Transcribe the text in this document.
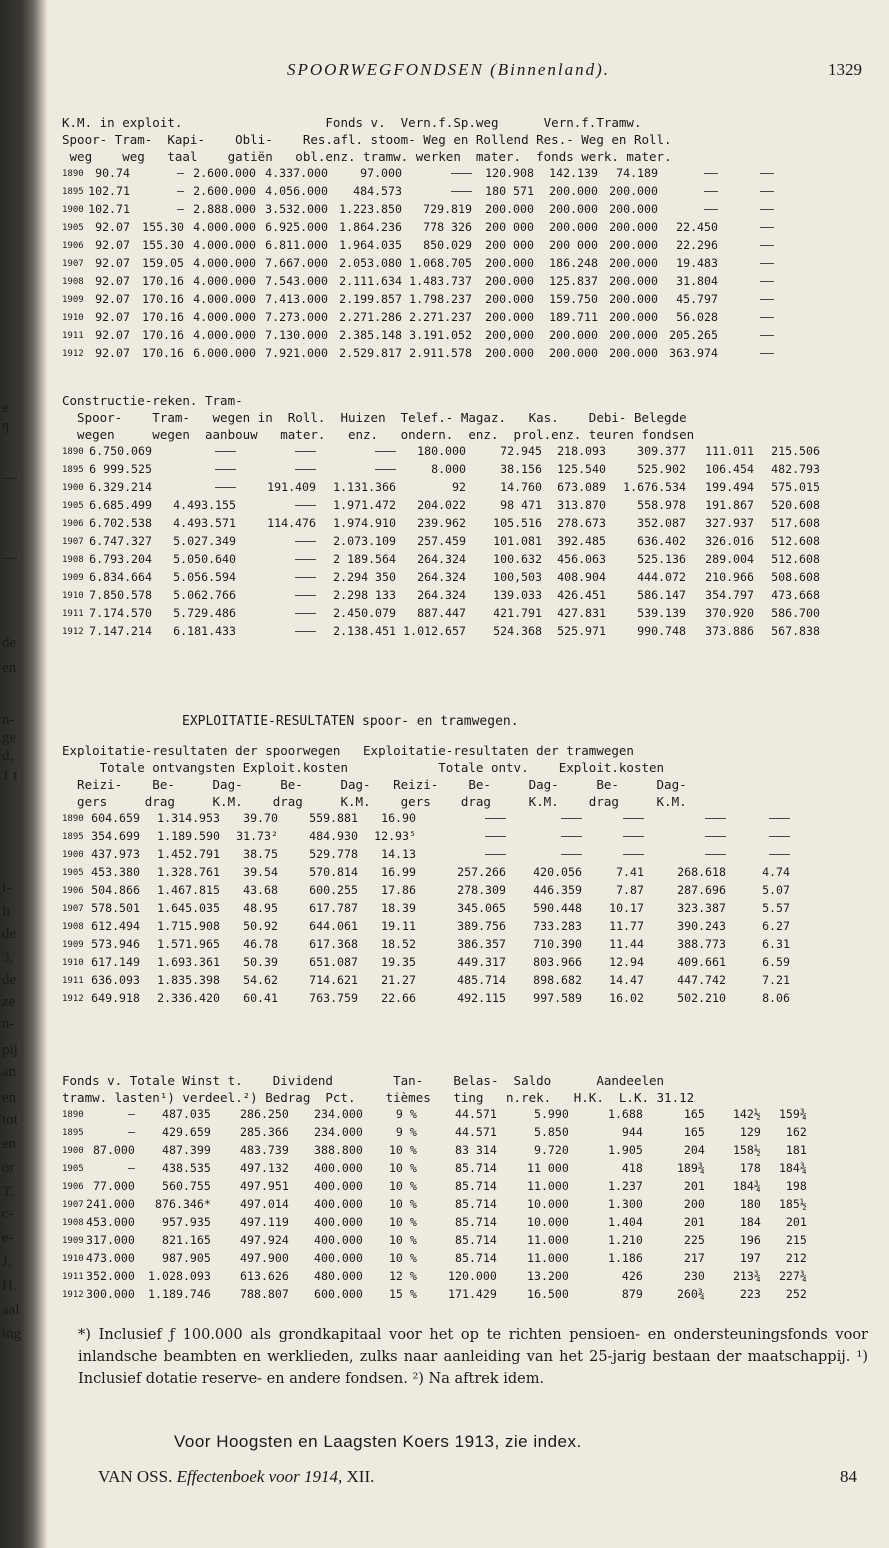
e
ŋ
—
—
de
en
n-
ge
d,
1 t
i-
li
de
3,
de
ze
n-
pij
an
en
tot
en
or
T.
c-
e-
J.
H.
aal
ing
SPOORWEGFONDSEN (Binnenland).	1329
K.M. in exploit.                   Fonds v.  Vern.f.Sp.weg      Vern.f.Tramw.
Spoor- Tram-  Kapi-    Obli-    Res.afl. stoom- Weg en Rollend Res.- Weg en Roll.
weg    weg   taal    gatiën   obl.enz. tramw. werken  mater.  fonds werk. mater.
1890	90.74	—	2.600.000	4.337.000	97.000	———	120.908	142.139	74.189	——	——
1895	102.71	—	2.600.000	4.056.000	484.573	———	180 571	200.000	200.000	——	——
1900	102.71	—	2.888.000	3.532.000	1.223.850	729.819	200.000	200.000	200.000	——	——
1905	92.07	155.30	4.000.000	6.925.000	1.864.236	778 326	200 000	200.000	200.000	22.450	——
1906	92.07	155.30	4.000.000	6.811.000	1.964.035	850.029	200 000	200 000	200.000	22.296	——
1907	92.07	159.05	4.000.000	7.667.000	2.053.080	1.068.705	200.000	186.248	200.000	19.483	——
1908	92.07	170.16	4.000.000	7.543.000	2.111.634	1.483.737	200.000	125.837	200.000	31.804	——
1909	92.07	170.16	4.000.000	7.413.000	2.199.857	1.798.237	200.000	159.750	200.000	45.797	——
1910	92.07	170.16	4.000.000	7.273.000	2.271.286	2.271.237	200.000	189.711	200.000	56.028	——
1911	92.07	170.16	4.000.000	7.130.000	2.385.148	3.191.052	200,000	200.000	200.000	205.265	——
1912	92.07	170.16	6.000.000	7.921.000	2.529.817	2.911.578	200.000	200.000	200.000	363.974	——
Constructie-reken. Tram-
Spoor-    Tram-   wegen in  Roll.  Huizen  Telef.- Magaz.   Kas.    Debi- Belegde
wegen     wegen  aanbouw   mater.   enz.   ondern.  enz.  prol.enz. teuren fondsen
1890	6.750.069	———	———	———	180.000	72.945	218.093	309.377	111.011	215.506
1895	6 999.525	———	———	———	8.000	38.156	125.540	525.902	106.454	482.793
1900	6.329.214	———	191.409	1.131.366	92	14.760	673.089	1.676.534	199.494	575.015
1905	6.685.499	4.493.155	———	1.971.472	204.022	98 471	313.870	558.978	191.867	520.608
1906	6.702.538	4.493.571	114.476	1.974.910	239.962	105.516	278.673	352.087	327.937	517.608
1907	6.747.327	5.027.349	———	2.073.109	257.459	101.081	392.485	636.402	326.016	512.608
1908	6.793.204	5.050.640	———	2 189.564	264.324	100.632	456.063	525.136	289.004	512.608
1909	6.834.664	5.056.594	———	2.294 350	264.324	100,503	408.904	444.072	210.966	508.608
1910	7.850.578	5.062.766	———	2.298 133	264.324	139.033	426.451	586.147	354.797	473.668
1911	7.174.570	5.729.486	———	2.450.079	887.447	421.791	427.831	539.139	370.920	586.700
1912	7.147.214	6.181.433	———	2.138.451	1.012.657	524.368	525.971	990.748	373.886	567.838
EXPLOITATIE-RESULTATEN spoor- en tramwegen.
Exploitatie-resultaten der spoorwegen   Exploitatie-resultaten der tramwegen
Totale ontvangsten Exploit.kosten            Totale ontv.    Exploit.kosten
Reizi-    Be-     Dag-     Be-     Dag-   Reizi-    Be-     Dag-     Be-     Dag-
gers     drag     K.M.    drag     K.M.    gers    drag     K.M.    drag     K.M.
1890	604.659	1.314.953	39.70	559.881	16.90	———	———	———	———	———
1895	354.699	1.189.590	31.73²	484.930	12.93⁵	———	———	———	———	———
1900	437.973	1.452.791	38.75	529.778	14.13	———	———	———	———	———
1905	453.380	1.328.761	39.54	570.814	16.99	257.266	420.056	7.41	268.618	4.74
1906	504.866	1.467.815	43.68	600.255	17.86	278.309	446.359	7.87	287.696	5.07
1907	578.501	1.645.035	48.95	617.787	18.39	345.065	590.448	10.17	323.387	5.57
1908	612.494	1.715.908	50.92	644.061	19.11	389.756	733.283	11.77	390.243	6.27
1909	573.946	1.571.965	46.78	617.368	18.52	386.357	710.390	11.44	388.773	6.31
1910	617.149	1.693.361	50.39	651.087	19.35	449.317	803.966	12.94	409.661	6.59
1911	636.093	1.835.398	54.62	714.621	21.27	485.714	898.682	14.47	447.742	7.21
1912	649.918	2.336.420	60.41	763.759	22.66	492.115	997.589	16.02	502.210	8.06
Fonds v. Totale Winst t.    Dividend        Tan-    Belas-  Saldo      Aandeelen
tramw. lasten¹) verdeel.²) Bedrag  Pct.    tièmes   ting   n.rek.   H.K.  L.K. 31.12
1890	—	487.035	286.250	234.000	9 %	44.571	5.990	1.688	165	142½	159¾
1895	—	429.659	285.366	234.000	9 %	44.571	5.850	944	165	129	162
1900	87.000	487.399	483.739	388.800	10 %	83 314	9.720	1.905	204	158½	181
1905	—	438.535	497.132	400.000	10 %	85.714	11 000	418	189¾	178	184¾
1906	77.000	560.755	497.951	400.000	10 %	85.714	11.000	1.237	201	184¾	198
1907	241.000	876.346*	497.014	400.000	10 %	85.714	10.000	1.300	200	180	185½
1908	453.000	957.935	497.119	400.000	10 %	85.714	10.000	1.404	201	184	201
1909	317.000	821.165	497.924	400.000	10 %	85.714	11.000	1.210	225	196	215
1910	473.000	987.905	497.900	400.000	10 %	85.714	11.000	1.186	217	197	212
1911	352.000	1.028.093	613.626	480.000	12 %	120.000	13.200	426	230	213¾	227¾
1912	300.000	1.189.746	788.807	600.000	15 %	171.429	16.500	879	260¾	223	252
*) Inclusief ƒ 100.000 als grondkapitaal voor het op te richten pensioen- en ondersteuningsfonds voor inlandsche beambten en werklieden, zulks naar aanleiding van het 25-jarig bestaan der maatschappij. ¹) Inclusief dotatie reserve- en andere fondsen. ²) Na aftrek idem.
Voor Hoogsten en Laagsten Koers 1913, zie index.
VAN OSS. Effectenboek voor 1914, XII.	84
